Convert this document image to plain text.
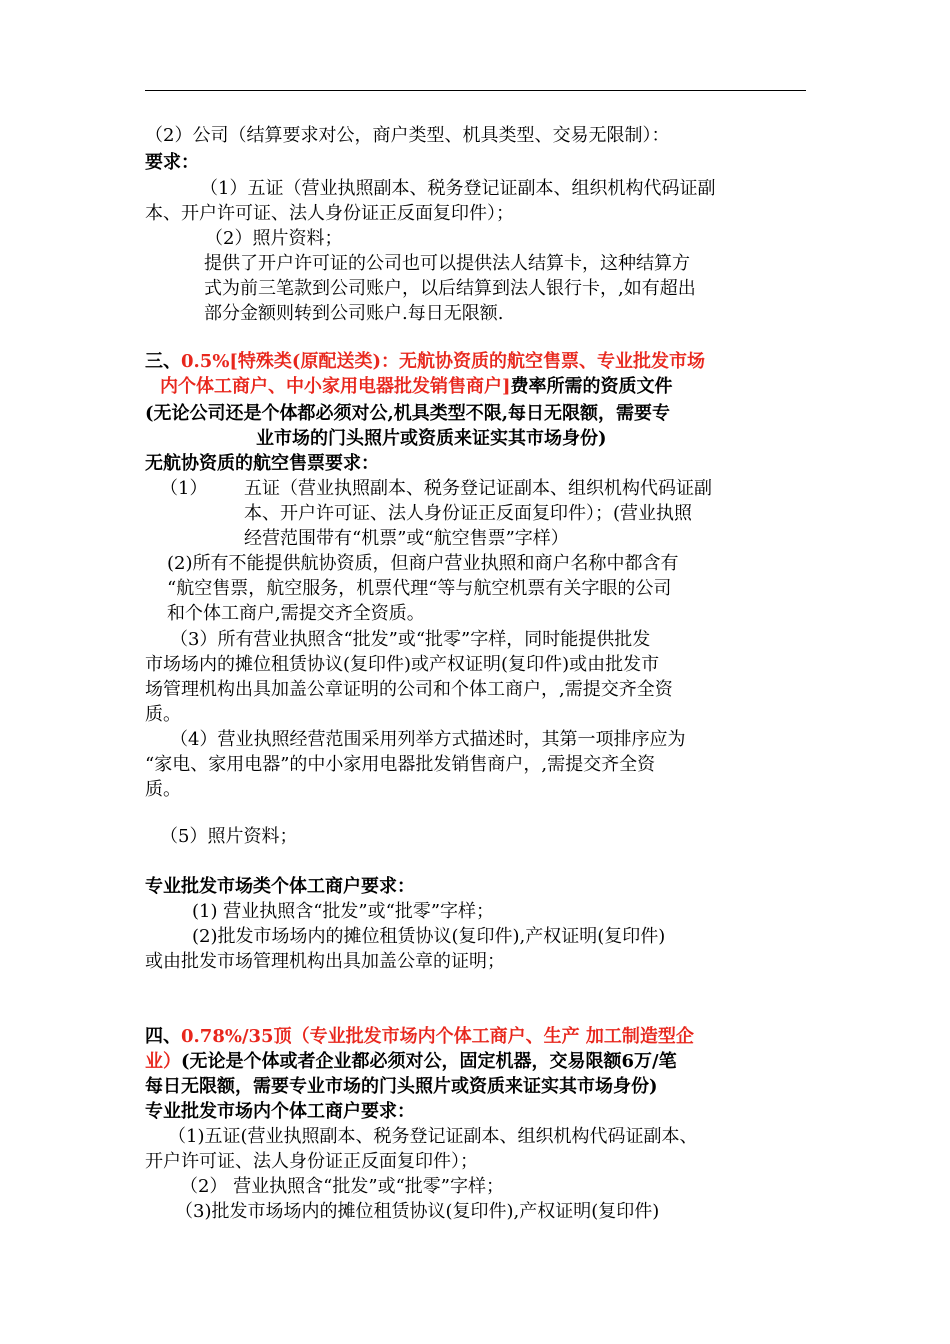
（2）公司（结算要求对公，商户类型、机具类型、交易无限制）：
要求：
（1）五证（营业执照副本、税务登记证副本、组织机构代码证副
本、开户许可证、法人身份证正反面复印件）；
（2）照片资料；
提供了开户许可证的公司也可以提供法人结算卡，这种结算方
式为前三笔款到公司账户，以后结算到法人银行卡，,如有超出
部分金额则转到公司账户.每日无限额.
三、0.5%[特殊类(原配送类)：无航协资质的航空售票、专业批发市场
内个体工商户、中小家用电器批发销售商户]费率所需的资质文件
(无论公司还是个体都必须对公,机具类型不限,每日无限额，需要专
业市场的门头照片或资质来证实其市场身份)
无航协资质的航空售票要求：
（1） 五证（营业执照副本、税务登记证副本、组织机构代码证副
本、开户许可证、法人身份证正反面复印件）；(营业执照
经营范围带有“机票”或“航空售票”字样）
(2)所有不能提供航协资质，但商户营业执照和商户名称中都含有
“航空售票，航空服务，机票代理“等与航空机票有关字眼的公司
和个体工商户,需提交齐全资质。
（3）所有营业执照含“批发”或“批零”字样，同时能提供批发
市场场内的摊位租赁协议(复印件)或产权证明(复印件)或由批发市
场管理机构出具加盖公章证明的公司和个体工商户，,需提交齐全资
质。
（4）营业执照经营范围采用列举方式描述时，其第一项排序应为
“家电、家用电器”的中小家用电器批发销售商户，,需提交齐全资
质。
（5）照片资料；
专业批发市场类个体工商户要求：
(1) 营业执照含“批发”或“批零”字样；
(2)批发市场场内的摊位租赁协议(复印件),产权证明(复印件)
或由批发市场管理机构出具加盖公章的证明；
四、0.78%/35顶（专业批发市场内个体工商户、生产 加工制造型企
业）(无论是个体或者企业都必须对公，固定机器，交易限额6万/笔
每日无限额，需要专业市场的门头照片或资质来证实其市场身份)
专业批发市场内个体工商户要求：
（1)五证(营业执照副本、税务登记证副本、组织机构代码证副本、
开户许可证、法人身份证正反面复印件）；
（2） 营业执照含“批发”或“批零”字样；
（3)批发市场场内的摊位租赁协议(复印件),产权证明(复印件)
